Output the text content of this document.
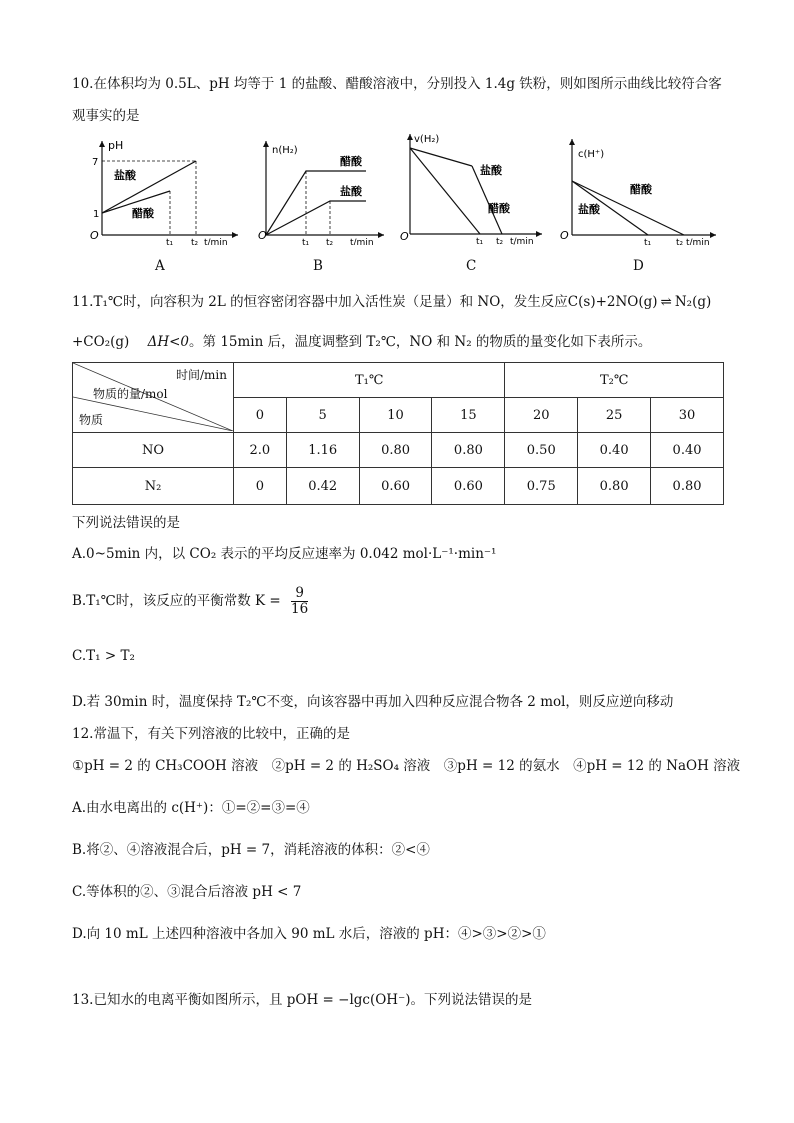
10.在体积均为 0.5L、pH 均等于 1 的盐酸、醋酸溶液中，分别投入 1.4g 铁粉，则如图所示曲线比较符合客
观事实的是
pH
7
1
盐酸
醋酸
O
t₁ t₂ t/min
A
n(H₂)
醋酸
盐酸
O
t₁ t₂ t/min
B
v(H₂)
盐酸
醋酸
O	t₁ t₂ t/min
C
c(H⁺)
醋酸
盐酸
O
t₁	t₂ t/min
D
11.T₁℃时，向容积为 2L 的恒容密闭容器中加入活性炭（足量）和 NO，发生反应C(s)+2NO(g) ⇌ N₂(g)
+CO₂(g) ΔH<0。第 15min 后，温度调整到 T₂℃，NO 和 N₂ 的物质的量变化如下表所示。
时间/min
物质的量/mol
物质	T₁℃				T₂℃		
	0	5	10	15	20	25	30
NO	2.0	1.16	0.80	0.80	0.50	0.40	0.40
N₂	0	0.42	0.60	0.60	0.75	0.80	0.80
下列说法错误的是
A.0~5min 内，以 CO₂ 表示的平均反应速率为 0.042 mol·L⁻¹·min⁻¹
B.T₁℃时，该反应的平衡常数 $K = \frac{9}{16}$
C.T₁ > T₂
D.若 30min 时，温度保持 T₂℃不变，向该容器中再加入四种反应混合物各 2 mol，则反应逆向移动
12.常温下，有关下列溶液的比较中，正确的是
①pH = 2 的 CH₃COOH 溶液　②pH = 2 的 H₂SO₄ 溶液　③pH = 12 的氨水　④pH = 12 的 NaOH 溶液
A.由水电离出的 c(H⁺)：①=②=③=④
B.将②、④溶液混合后，pH = 7，消耗溶液的体积：②<④
C.等体积的②、③混合后溶液 pH < 7
D.向 10 mL 上述四种溶液中各加入 90 mL 水后，溶液的 pH：④>③>②>①
13.已知水的电离平衡如图所示，且 pOH = −lgc(OH⁻)。下列说法错误的是
